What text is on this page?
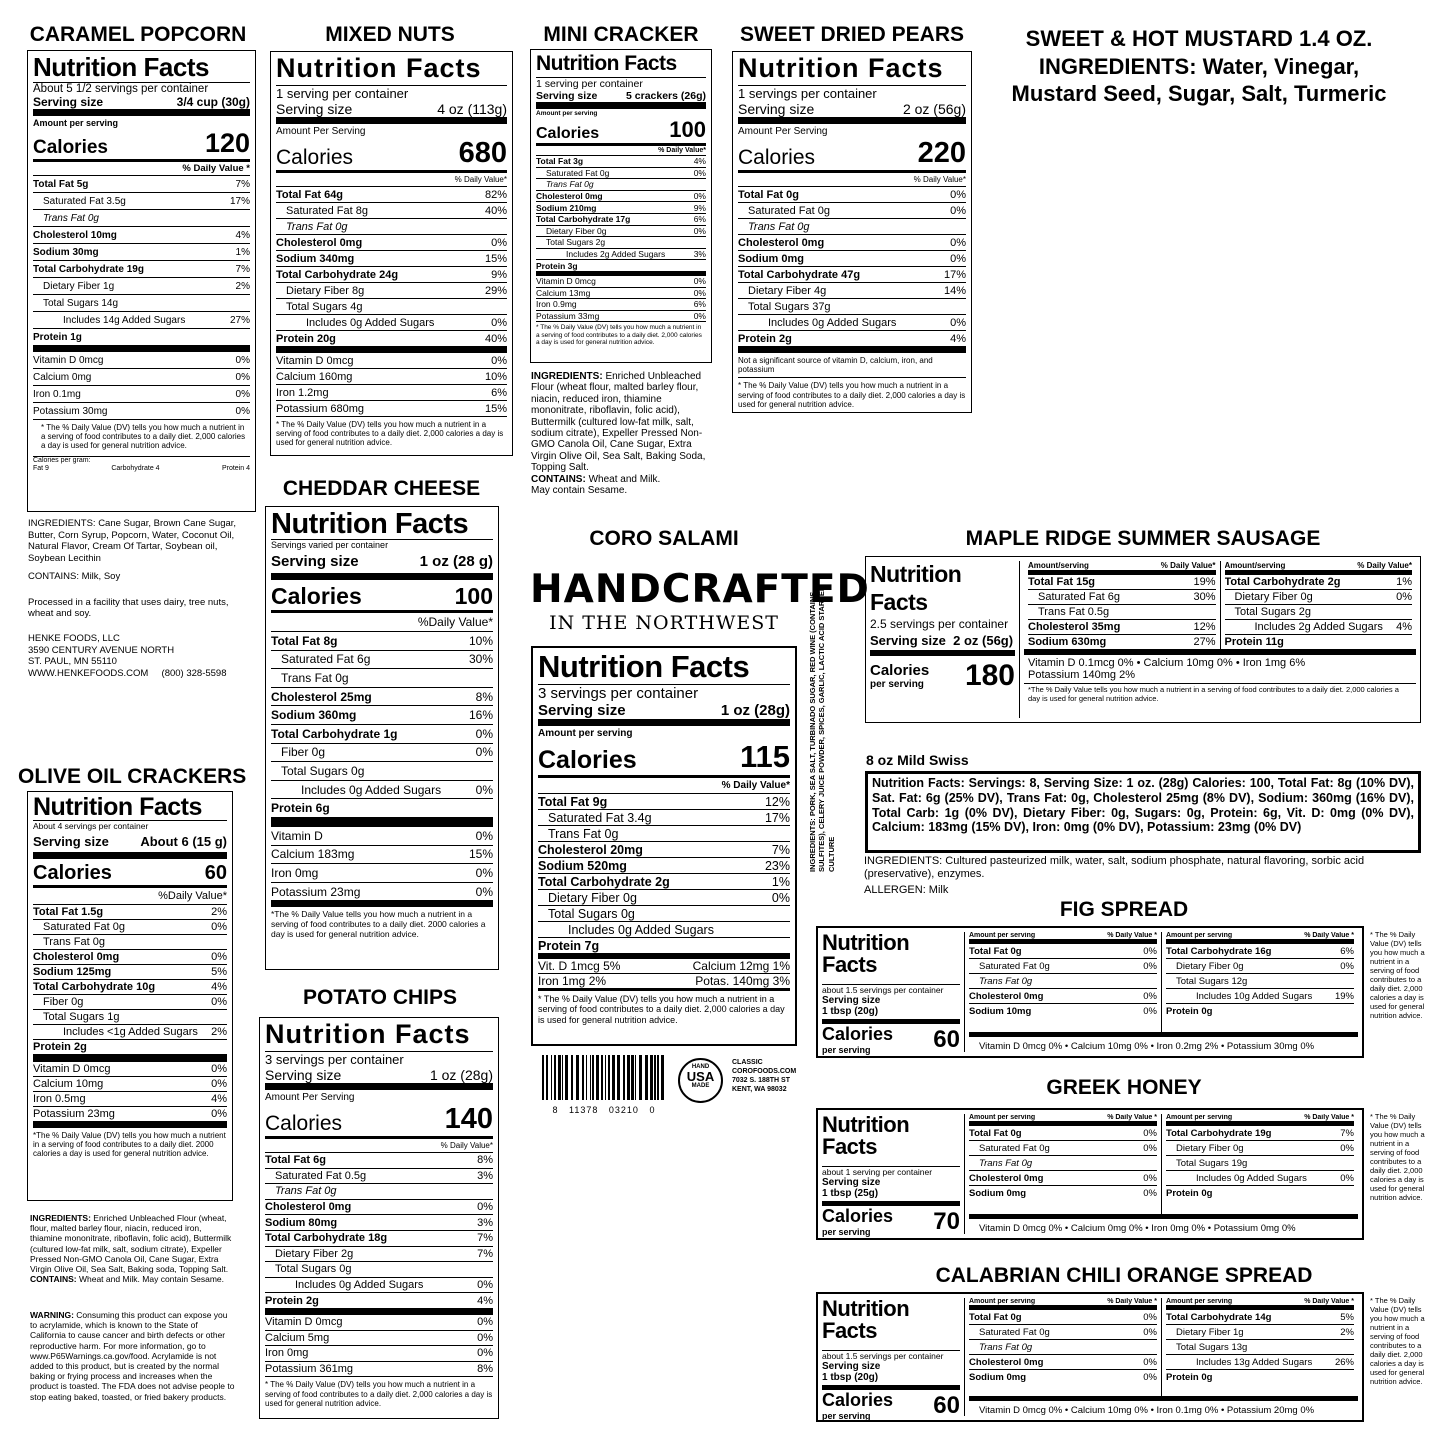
CARAMEL POPCORN
Nutrition Facts
About 5 1/2 servings per container
Serving size	3/4 cup (30g)
Amount per serving
Calories	120
% Daily Value *
Total Fat 5g	7%
Saturated Fat 3.5g	17%
Trans Fat 0g
Cholesterol 10mg	4%
Sodium 30mg	1%
Total Carbohydrate 19g	7%
Dietary Fiber 1g	2%
Total Sugars 14g
Includes 14g Added Sugars	27%
Protein 1g
Vitamin D 0mcg	0%
Calcium 0mg	0%
Iron 0.1mg	0%
Potassium 30mg	0%
* The % Daily Value (DV) tells you how much a nutrient in a serving of food contributes to a daily diet. 2,000 calories a day is used for general nutrition advice.
Calories per gram:
Fat 9	Carbohydrate 4	Protein 4
INGREDIENTS: Cane Sugar, Brown Cane Sugar, Butter, Corn Syrup, Popcorn, Water, Coconut Oil, Natural Flavor, Cream Of Tartar, Soybean oil, Soybean Lecithin
CONTAINS: Milk, Soy
Processed in a facility that uses dairy, tree nuts, wheat and soy.
HENKE FOODS, LLC
3590 CENTURY AVENUE NORTH
ST. PAUL, MN 55110
WWW.HENKEFOODS.COM     (800) 328-5598
MIXED NUTS
Nutrition Facts
1 serving per container
Serving size	4 oz (113g)
Amount Per Serving
Calories	680
% Daily Value*
Total Fat 64g	82%
Saturated Fat 8g	40%
Trans Fat 0g
Cholesterol 0mg	0%
Sodium 340mg	15%
Total Carbohydrate 24g	9%
Dietary Fiber 8g	29%
Total Sugars 4g
Includes 0g Added Sugars	0%
Protein 20g	40%
Vitamin D 0mcg	0%
Calcium 160mg	10%
Iron 1.2mg	6%
Potassium 680mg	15%
* The % Daily Value (DV) tells you how much a nutrient in a serving of food contributes to a daily diet. 2,000 calories a day is used for general nutrition advice.
MINI CRACKER
Nutrition Facts
1 serving per container
Serving size	5 crackers (26g)
Amount per serving
Calories	100
% Daily Value*
Total Fat 3g	4%
Saturated Fat 0g	0%
Trans Fat 0g
Cholesterol 0mg	0%
Sodium 210mg	9%
Total Carbohydrate 17g	6%
Dietary Fiber 0g	0%
Total Sugars 2g
Includes 2g Added Sugars	3%
Protein 3g
Vitamin D 0mcg	0%
Calcium 13mg	0%
Iron 0.9mg	6%
Potassium 33mg	0%
* The % Daily Value (DV) tells you how much a nutrient in a serving of food contributes to a daily diet. 2,000 calories a day is used for general nutrition advice.
INGREDIENTS: Enriched Unbleached Flour (wheat flour, malted barley flour, niacin, reduced iron, thiamine mononitrate, riboflavin, folic acid), Buttermilk (cultured low-fat milk, salt, sodium citrate), Expeller Pressed Non-GMO Canola Oil, Cane Sugar, Extra Virgin Olive Oil, Sea Salt, Baking Soda, Topping Salt.
CONTAINS: Wheat and Milk.
May contain Sesame.
SWEET DRIED PEARS
Nutrition Facts
1 servings per container
Serving size	2 oz (56g)
Amount Per Serving
Calories	220
% Daily Value*
Total Fat 0g	0%
Saturated Fat 0g	0%
Trans Fat 0g
Cholesterol 0mg	0%
Sodium 0mg	0%
Total Carbohydrate 47g	17%
Dietary Fiber 4g	14%
Total Sugars 37g
Includes 0g Added Sugars	0%
Protein 2g	4%
Not a significant source of vitamin D, calcium, iron, and potassium
* The % Daily Value (DV) tells you how much a nutrient in a serving of food contributes to a daily diet. 2,000 calories a day is used for general nutrition advice.
SWEET & HOT MUSTARD 1.4 OZ.
INGREDIENTS: Water, Vinegar,
Mustard Seed, Sugar, Salt, Turmeric
CHEDDAR CHEESE
Nutrition Facts
Servings varied per container
Serving size	1 oz (28 g)
Calories	100
%Daily Value*
Total Fat 8g	10%
Saturated Fat 6g	30%
Trans Fat 0g
Cholesterol 25mg	8%
Sodium 360mg	16%
Total Carbohydrate 1g	0%
Fiber 0g	0%
Total Sugars 0g
Includes 0g Added Sugars	0%
Protein 6g
Vitamin D	0%
Calcium 183mg	15%
Iron 0mg	0%
Potassium 23mg	0%
*The % Daily Value tells you how much a nutrient in a serving of food contributes to a daily diet. 2000 calories a day is used for general nutrition advice.
OLIVE OIL CRACKERS
Nutrition Facts
About 4 servings per container
Serving size About 6 (15 g)
Calories	60
%Daily Value*
Total Fat 1.5g	2%
Saturated Fat 0g	0%
Trans Fat 0g
Cholesterol 0mg	0%
Sodium 125mg	5%
Total Carbohydrate 10g	4%
Fiber 0g	0%
Total Sugars 1g
Includes <1g Added Sugars 2%
Protein 2g
Vitamin D 0mcg	0%
Calcium 10mg	0%
Iron 0.5mg	4%
Potassium 23mg	0%
*The % Daily Value (DV) tells you how much a nutrient in a serving of food contributes to a daily diet. 2000 calories a day is used for general nutrition advice.
INGREDIENTS: Enriched Unbleached Flour (wheat, flour, malted barley flour, niacin, reduced iron, thiamine mononitrate, riboflavin, folic acid), Buttermilk (cultured low-fat milk, salt, sodium citrate), Expeller Pressed Non-GMO Canola Oil, Cane Sugar, Extra Virgin Olive Oil, Sea Salt, Baking soda, Topping Salt. CONTAINS: Wheat and Milk. May contain Sesame.
POTATO CHIPS
Nutrition Facts
3 servings per container
Serving size	1 oz (28g)
Amount Per Serving
Calories	140
% Daily Value*
Total Fat 6g	8%
Saturated Fat 0.5g	3%
Trans Fat 0g
Cholesterol 0mg	0%
Sodium 80mg	3%
Total Carbohydrate 18g	7%
Dietary Fiber 2g	7%
Total Sugars 0g
Includes 0g Added Sugars	0%
Protein 2g	4%
Vitamin D 0mcg	0%
Calcium 5mg	0%
Iron 0mg	0%
Potassium 361mg	8%
* The % Daily Value (DV) tells you how much a nutrient in a serving of food contributes to a daily diet. 2,000 calories a day is used for general nutrition advice.
WARNING: Consuming this product can expose you to acrylamide, which is known to the State of California to cause cancer and birth defects or other reproductive harm. For more information, go to www.P65Warnings.ca.gov/food. Acrylamide is not added to this product, but is created by the normal baking or frying process and increases when the product is toasted. The FDA does not advise people to stop eating baked, toasted, or fried bakery products.
CORO SALAMI
HANDCRAFTED
IN THE NORTHWEST
Nutrition Facts
3 servings per container
Serving size	1 oz (28g)
Amount per serving
Calories	115
% Daily Value*
Total Fat 9g	12%
Saturated Fat 3.4g	17%
Trans Fat 0g
Cholesterol 20mg	7%
Sodium 520mg	23%
Total Carbohydrate 2g	1%
Dietary Fiber 0g	0%
Total Sugars 0g
Includes 0g Added Sugars
Protein 7g
Vit. D 1mcg 5%	Calcium 12mg 1%
Iron 1mg 2%	Potas. 140mg 3%
* The % Daily Value (DV) tells you how much a nutrient in a serving of food contributes to a daily diet. 2,000 calories a day is used for general nutrition advice.
INGREDIENTS: PORK, SEA SALT, TURBINADO SUGAR, RED WINE (CONTAINS SULFITES), CELERY JUICE POWDER, SPICES, GARLIC, LACTIC ACID STARTER CULTURE
8   11378   03210   0
HAND
USA
MADE
CLASSIC
COROFOODS.COM
7032 S. 188TH ST
KENT, WA 98032
MAPLE RIDGE SUMMER SAUSAGE
Nutrition
Facts
2.5 servings per container
Serving size 2 oz (56g)
Calories
per serving 180
Amount/serving	% Daily Value*
Total Fat 15g	19%
Saturated Fat 6g	30%
Trans Fat 0.5g
Cholesterol 35mg	12%
Sodium 630mg	27%
Amount/serving	% Daily Value*
Total Carbohydrate 2g	1%
Dietary Fiber 0g	0%
Total Sugars 2g
Includes 2g Added Sugars 4%
Protein 11g
Vitamin D 0.1mcg 0% • Calcium 10mg 0% • Iron 1mg 6%
Potassium 140mg 2%
*The % Daily Value tells you how much a nutrient in a serving of food contributes to a daily diet. 2,000 calories a day is used for general nutrition advice.
8 oz Mild Swiss
Nutrition Facts: Servings: 8, Serving Size: 1 oz. (28g) Calories: 100, Total Fat: 8g (10% DV), Sat. Fat: 6g (25% DV), Trans Fat: 0g, Cholesterol 25mg (8% DV), Sodium: 360mg (16% DV), Total Carb: 1g (0% DV), Dietary Fiber: 0g, Sugars: 0g, Protein: 6g, Vit. D: 0mg (0% DV), Calcium: 183mg (15% DV), Iron: 0mg (0% DV), Potassium: 23mg (0% DV)
INGREDIENTS: Cultured pasteurized milk, water, salt, sodium phosphate, natural flavoring, sorbic acid (preservative), enzymes.
ALLERGEN: Milk
FIG SPREAD
Nutrition
Facts
about 1.5 servings per container
Serving size
1 tbsp (20g)
Calories
per serving	60
Amount per serving	% Daily Value *
Total Fat 0g	0%
Saturated Fat 0g	0%
Trans Fat 0g
Cholesterol 0mg	0%
Sodium 10mg	0%
Amount per serving	% Daily Value *
Total Carbohydrate 16g	6%
Dietary Fiber 0g	0%
Total Sugars 12g
Includes 10g Added Sugars 19%
Protein 0g
Vitamin D 0mcg 0% • Calcium 10mg 0% • Iron 0.2mg 2% • Potassium 30mg 0%
* The % Daily Value (DV) tells you how much a nutrient in a serving of food contributes to a daily diet. 2,000 calories a day is used for general nutrition advice.
GREEK HONEY
Nutrition
Facts
about 1 serving per container
Serving size
1 tbsp (25g)
Calories
per serving	70
Amount per serving	% Daily Value *
Total Fat 0g	0%
Saturated Fat 0g	0%
Trans Fat 0g
Cholesterol 0mg	0%
Sodium 0mg	0%
Amount per serving	% Daily Value *
Total Carbohydrate 19g	7%
Dietary Fiber 0g	0%
Total Sugars 19g
Includes 0g Added Sugars	0%
Protein 0g
Vitamin D 0mcg 0% • Calcium 0mg 0% • Iron 0mg 0% • Potassium 0mg 0%
* The % Daily Value (DV) tells you how much a nutrient in a serving of food contributes to a daily diet. 2,000 calories a day is used for general nutrition advice.
CALABRIAN CHILI ORANGE SPREAD
Nutrition
Facts
about 1.5 servings per container
Serving size
1 tbsp (20g)
Calories
per serving	60
Amount per serving	% Daily Value *
Total Fat 0g	0%
Saturated Fat 0g	0%
Trans Fat 0g
Cholesterol 0mg	0%
Sodium 0mg	0%
Amount per serving	% Daily Value *
Total Carbohydrate 14g	5%
Dietary Fiber 1g	2%
Total Sugars 13g
Includes 13g Added Sugars 26%
Protein 0g
Vitamin D 0mcg 0% • Calcium 10mg 0% • Iron 0.1mg 0% • Potassium 20mg 0%
* The % Daily Value (DV) tells you how much a nutrient in a serving of food contributes to a daily diet. 2,000 calories a day is used for general nutrition advice.
